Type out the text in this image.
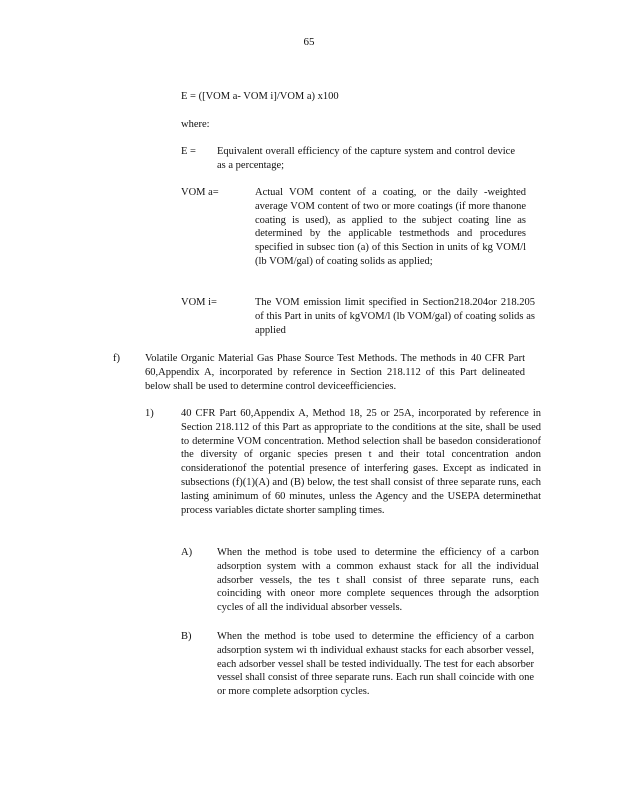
65
E = ([VOM a- VOM i]/VOM a) x100
where:
E = Equivalent overall efficiency of the capture system and control device as a percentage;
VOM a=	Actual VOM content of a coating, or the daily -weighted average VOM content of two or more coatings (if more thanone coating is used), as applied to the subject coating line as determined by the applicable testmethods and procedures specified in subsec tion (a) of this Section in units of kg VOM/l (lb VOM/gal) of coating solids as applied;
VOM i=	The VOM emission limit specified in Section218.204or 218.205 of this Part in units of kgVOM/l (lb VOM/gal) of coating solids as applied
f) Volatile Organic Material Gas Phase Source Test Methods. The methods in 40 CFR Part 60,Appendix A, incorporated by reference in Section 218.112 of this Part delineated below shall be used to determine control deviceefficiencies.
1)	40 CFR Part 60,Appendix A, Method 18, 25 or 25A, incorporated by reference in Section 218.112 of this Part as appropriate to the conditions at the site, shall be used to determine VOM concentration. Method selection shall be basedon considerationof the diversity of organic species presen t and their total concentration andon considerationof the potential presence of interfering gases. Except as indicated in subsections (f)(1)(A) and (B) below, the test shall consist of three separate runs, each lasting aminimum of 60 minutes, unless the Agency and the USEPA determinethat process variables dictate shorter sampling times.
A) When the method is tobe used to determine the efficiency of a carbon adsorption system with a common exhaust stack for all the individual adsorber vessels, the tes t shall consist of three separate runs, each coinciding with oneor more complete sequences through the adsorption cycles of all the individual absorber vessels.
B) When the method is tobe used to determine the efficiency of a carbon adsorption system wi th individual exhaust stacks for each absorber vessel, each adsorber vessel shall be tested individually. The test for each absorber vessel shall consist of three separate runs. Each run shall coincide with one or more complete adsorption cycles.
